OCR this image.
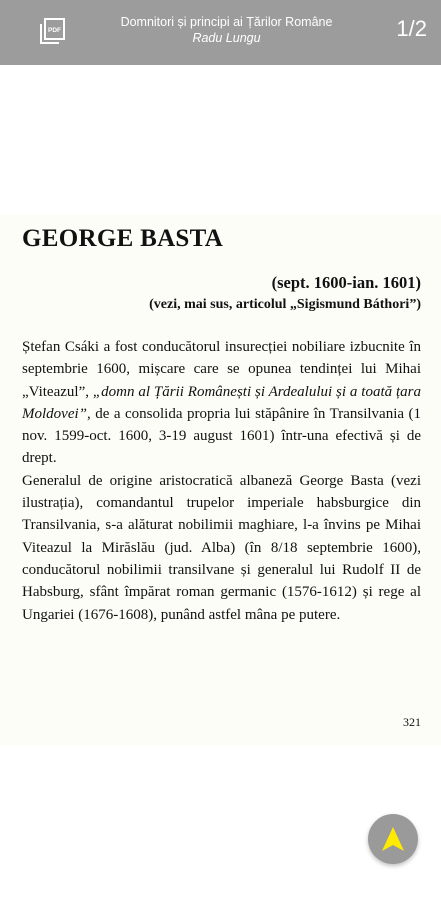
PDF
Domnitori și principi ai Țărilor Române
Radu Lungu	1/2
GEORGE BASTA
(sept. 1600-ian. 1601)
(vezi, mai sus, articolul „Sigismund Báthori”)

Ștefan Csáki a fost conducătorul insurecției nobiliare izbucnite în septembrie 1600, mișcare care se opunea tendinței lui Mihai „Viteazul”, „domn al Țării Românești și Ardealului și a toată țara Moldovei”, de a consolida propria lui stăpânire în Transilvania (1 nov. 1599-oct. 1600, 3-19 august 1601) într-una efectivă și de drept.

Generalul de origine aristocratică albaneză George Basta (vezi ilustrația), comandantul trupelor imperiale habsburgice din Transilvania, s-a alăturat nobilimii maghiare, l-a învins pe Mihai Viteazul la Mirăslău (jud. Alba) (în 8/18 septembrie 1600), conducătorul nobilimii transilvane și generalul lui Rudolf II de Habsburg, sfânt împărat roman germanic (1576-1612) și rege al Ungariei (1676-1608), punând astfel mâna pe putere.

321
